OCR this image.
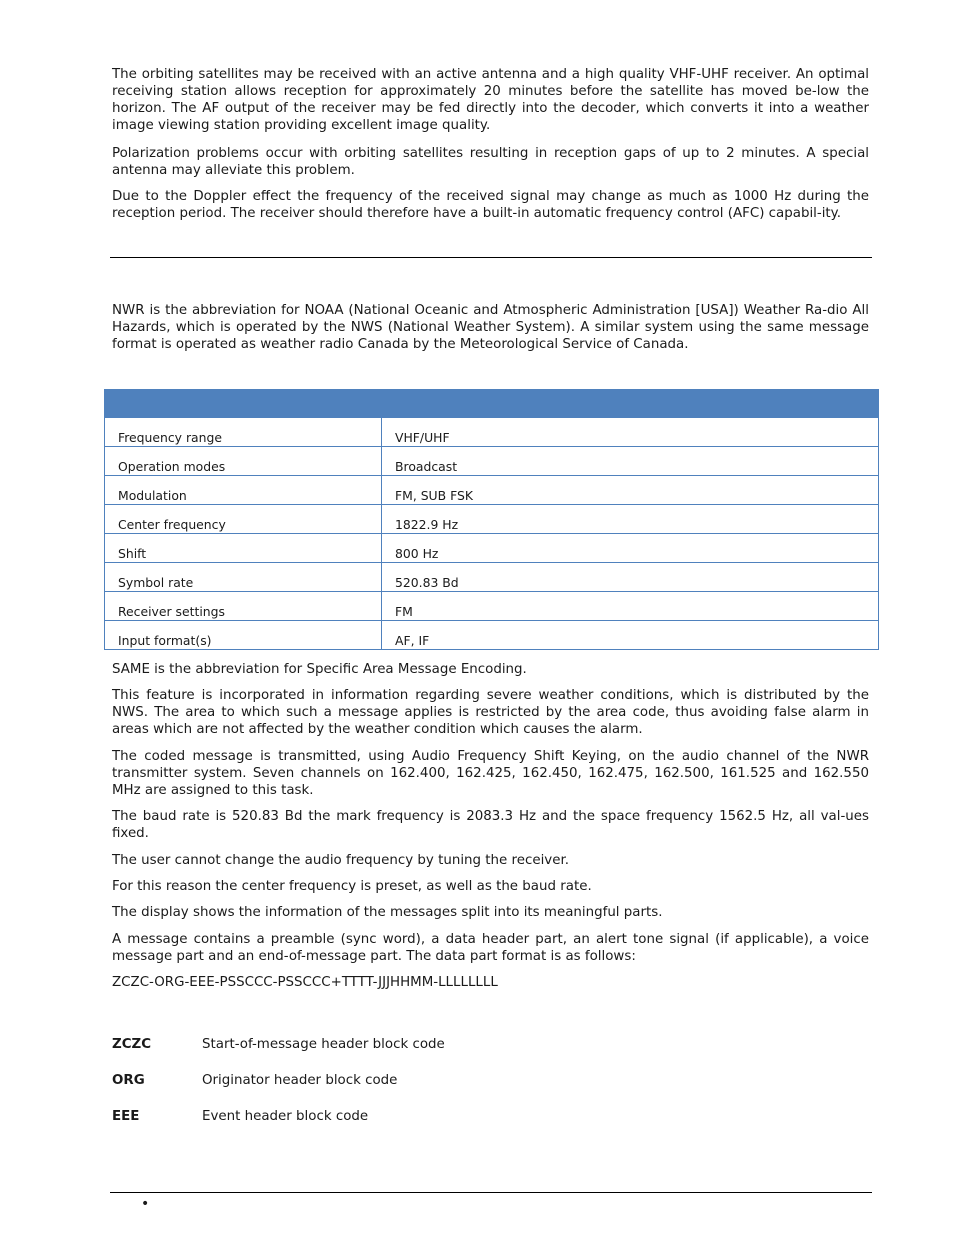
The orbiting satellites may be received with an active antenna and a high quality VHF-UHF receiver. An optimal receiving station allows reception for approximately 20 minutes before the satellite has moved be-low the horizon. The AF output of the receiver may be fed directly into the decoder, which converts it into a weather image viewing station providing excellent image quality.

Polarization problems occur with orbiting satellites resulting in reception gaps of up to 2 minutes. A special antenna may alleviate this problem.

Due to the Doppler effect the frequency of the received signal may change as much as 1000 Hz during the reception period. The receiver should therefore have a built-in automatic frequency control (AFC) capabil-ity.

NWR is the abbreviation for NOAA (National Oceanic and Atmospheric Administration [USA]) Weather Ra-dio All Hazards, which is operated by the NWS (National Weather System). A similar system using the same message format is operated as weather radio Canada by the Meteorological Service of Canada.

Frequency range	VHF/UHF

Operation modes	Broadcast

Modulation	FM, SUB FSK

Center frequency	1822.9 Hz

Shift	800 Hz

Symbol rate	520.83 Bd

Receiver settings	FM

Input format(s)	AF, IF

SAME is the abbreviation for Specific Area Message Encoding.

This feature is incorporated in information regarding severe weather conditions, which is distributed by the NWS. The area to which such a message applies is restricted by the area code, thus avoiding false alarm in areas which are not affected by the weather condition which causes the alarm.

The coded message is transmitted, using Audio Frequency Shift Keying, on the audio channel of the NWR transmitter system. Seven channels on 162.400, 162.425, 162.450, 162.475, 162.500, 161.525 and 162.550 MHz are assigned to this task.

The baud rate is 520.83 Bd the mark frequency is 2083.3 Hz and the space frequency 1562.5 Hz, all val-ues fixed.

The user cannot change the audio frequency by tuning the receiver.

For this reason the center frequency is preset, as well as the baud rate.

The display shows the information of the messages split into its meaningful parts.

A message contains a preamble (sync word), a data header part, an alert tone signal (if applicable), a voice message part and an end-of-message part. The data part format is as follows:

ZCZC-ORG-EEE-PSSCCC-PSSCCC+TTTT-JJJHHMM-LLLLLLLL

ZCZC	Start-of-message header block code
ORG	Originator header block code
EEE	Event header block code
•
